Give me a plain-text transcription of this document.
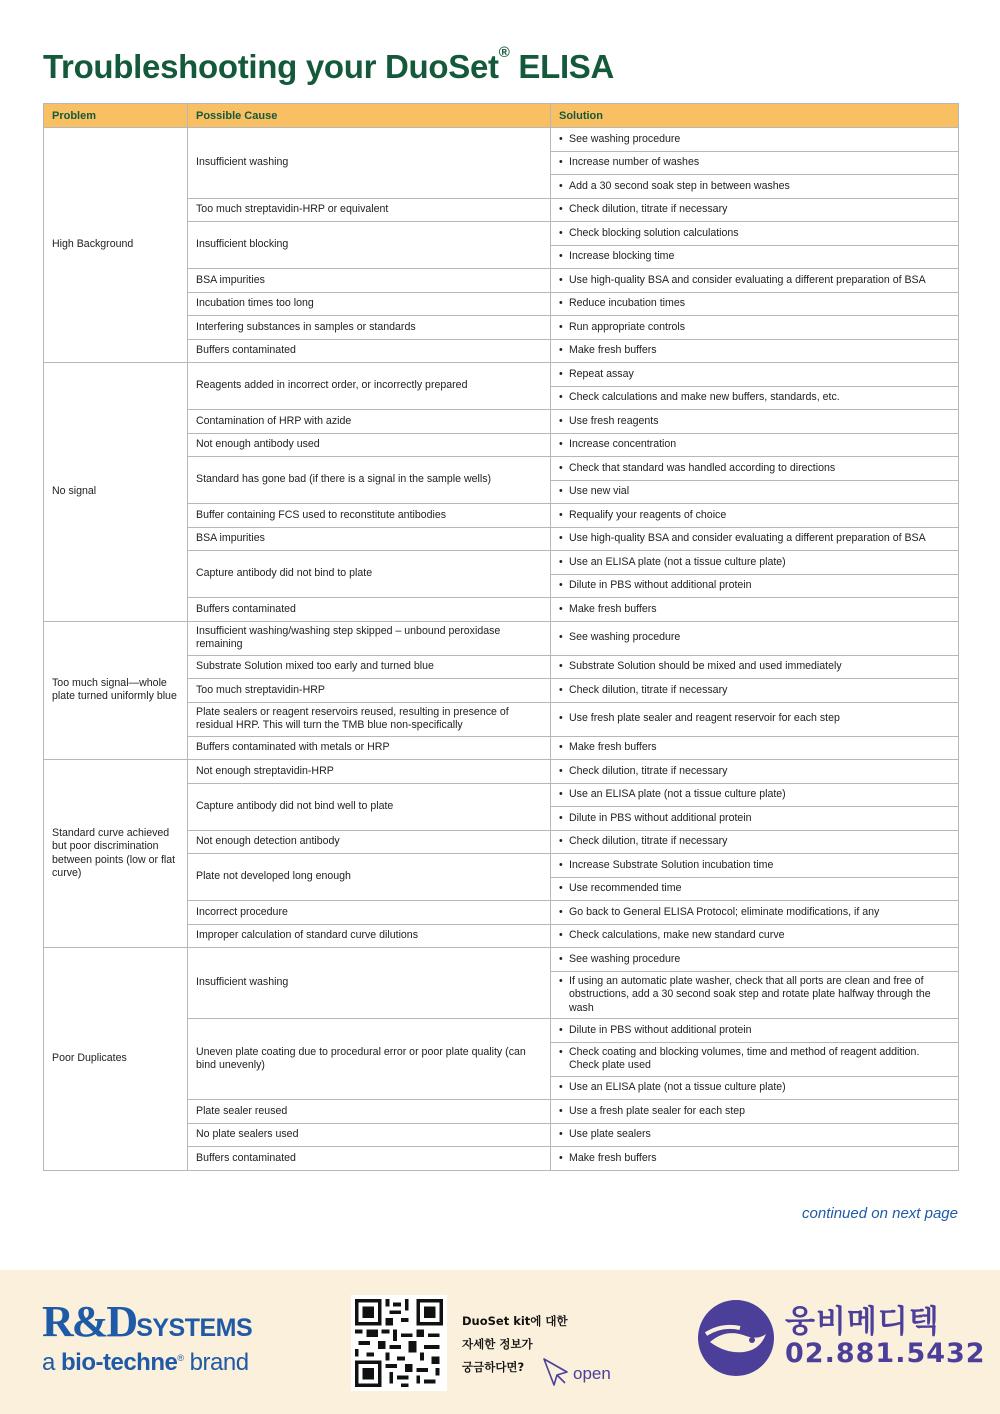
Troubleshooting your DuoSet® ELISA
Problem	Possible Cause	Solution
High Background	Insufficient washing	• See washing procedure

		• Increase number of washes

		• Add a 30 second soak step in between washes

	Too much streptavidin-HRP or equivalent	• Check dilution, titrate if necessary

	Insufficient blocking	• Check blocking solution calculations

		• Increase blocking time

	BSA impurities	• Use high-quality BSA and consider evaluating a different preparation of BSA

	Incubation times too long	• Reduce incubation times

	Interfering substances in samples or standards	• Run appropriate controls

	Buffers contaminated	• Make fresh buffers

No signal	Reagents added in incorrect order, or incorrectly prepared	• Repeat assay

		• Check calculations and make new buffers, standards, etc.

	Contamination of HRP with azide	• Use fresh reagents

	Not enough antibody used	• Increase concentration

	Standard has gone bad (if there is a signal in the sample wells)	• Check that standard was handled according to directions

		• Use new vial

	Buffer containing FCS used to reconstitute antibodies	• Requalify your reagents of choice

	BSA impurities	• Use high-quality BSA and consider evaluating a different preparation of BSA

	Capture antibody did not bind to plate	• Use an ELISA plate (not a tissue culture plate)

		• Dilute in PBS without additional protein

	Buffers contaminated	• Make fresh buffers

Too much signal—whole plate turned uniformly blue	Insufficient washing/washing step skipped – unbound peroxidase remaining	• See washing procedure

	Substrate Solution mixed too early and turned blue	• Substrate Solution should be mixed and used immediately

	Too much streptavidin-HRP	• Check dilution, titrate if necessary

	Plate sealers or reagent reservoirs reused, resulting in presence of residual HRP. This will turn the TMB blue non-specifically	• Use fresh plate sealer and reagent reservoir for each step

	Buffers contaminated with metals or HRP	• Make fresh buffers

Standard curve achieved but poor discrimination between points (low or flat curve)	Not enough streptavidin-HRP	• Check dilution, titrate if necessary

	Capture antibody did not bind well to plate	• Use an ELISA plate (not a tissue culture plate)

		• Dilute in PBS without additional protein

	Not enough detection antibody	• Check dilution, titrate if necessary

	Plate not developed long enough	• Increase Substrate Solution incubation time

		• Use recommended time

	Incorrect procedure	• Go back to General ELISA Protocol; eliminate modifications, if any

	Improper calculation of standard curve dilutions	• Check calculations, make new standard curve

Poor Duplicates	Insufficient washing	• See washing procedure

		• If using an automatic plate washer, check that all ports are clean and free of obstructions, add a 30 second soak step and rotate plate halfway through the wash

	Uneven plate coating due to procedural error or poor plate quality (can bind unevenly)	• Dilute in PBS without additional protein

		• Check coating and blocking volumes, time and method of reagent addition. Check plate used

		• Use an ELISA plate (not a tissue culture plate)

	Plate sealer reused	• Use a fresh plate sealer for each step

	No plate sealers used	• Use plate sealers

	Buffers contaminated	• Make fresh buffers
continued on next page
R&DSYSTEMS
a bio-techne® brand
DuoSet kit에 대한
자세한 정보가
궁금하다면?	open
웅비메디텍
02.881.5432
